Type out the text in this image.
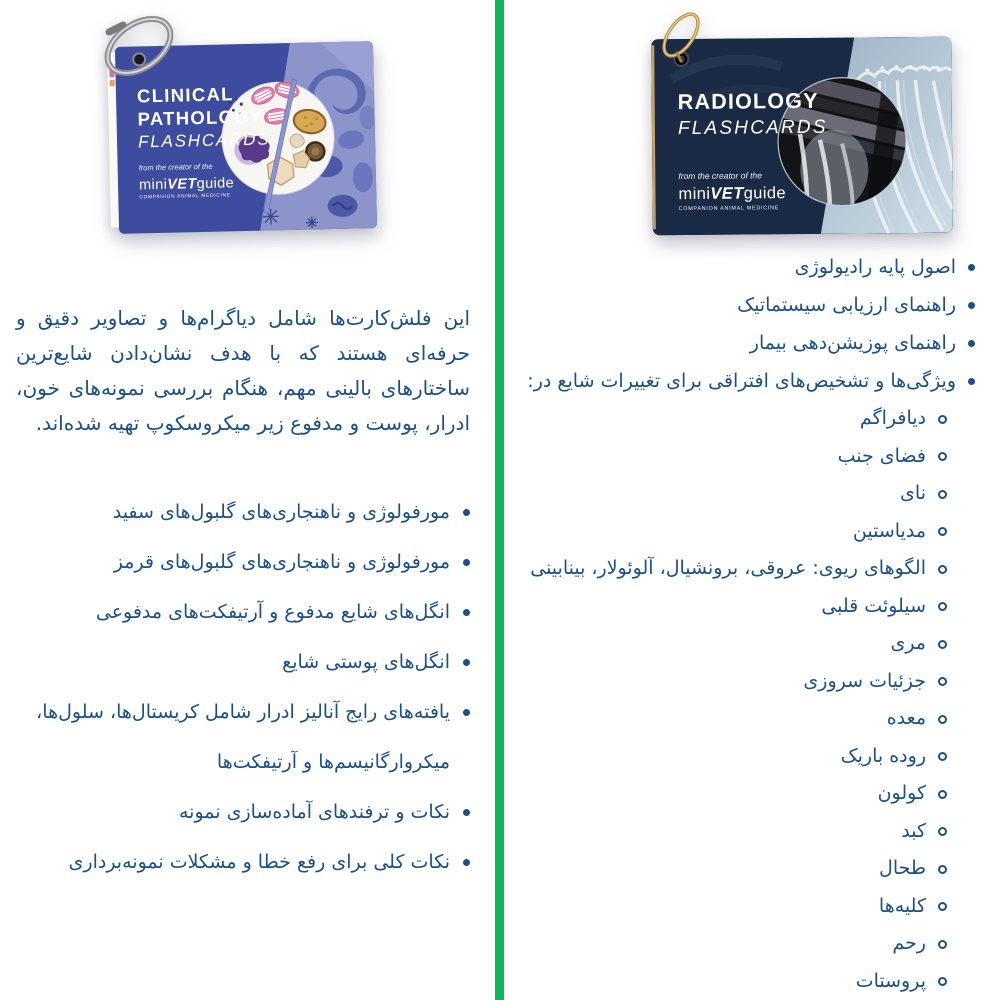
CLINICAL
PATHOLOGY
FLASHCARDS
from the creator of the
miniVETguide
COMPANION ANIMAL MEDICINE

این فلش‌کارت‌ها شامل دیاگرام‌ها و تصاویر دقیق و حرفه‌ای هستند که با هدف نشان‌دادن شایع‌ترین ساختارهای بالینی مهم، هنگام بررسی نمونه‌های خون، ادرار، پوست و مدفوع زیر میکروسکوپ تهیه شده‌اند.

مورفولوژی و ناهنجاری‌های گلبول‌های سفید
مورفولوژی و ناهنجاری‌های گلبول‌های قرمز
انگل‌های شایع مدفوع و آرتیفکت‌های مدفوعی
انگل‌های پوستی شایع
یافته‌های رایج آنالیز ادرار شامل کریستال‌ها، سلول‌ها، میکروارگانیسم‌ها و آرتیفکت‌ها
نکات و ترفندهای آماده‌سازی نمونه
نکات کلی برای رفع خطا و مشکلات نمونه‌برداری
RADIOLOGY
FLASHCARDS
from the creator of the
miniVETguide
COMPANION ANIMAL MEDICINE
اصول پایه رادیولوژی
راهنمای ارزیابی سیستماتیک
راهنمای پوزیشن‌دهی بیمار
ویژگی‌ها و تشخیص‌های افتراقی برای تغییرات شایع در:
دیافراگم
فضای جنب
نای
مدیاستین
الگوهای ریوی: عروقی، برونشیال، آلوئولار، بینابینی
سیلوئت قلبی
مری
جزئیات سروزی
معده
روده باریک
کولون
کبد
طحال
کلیه‌ها
رحم
پروستات
